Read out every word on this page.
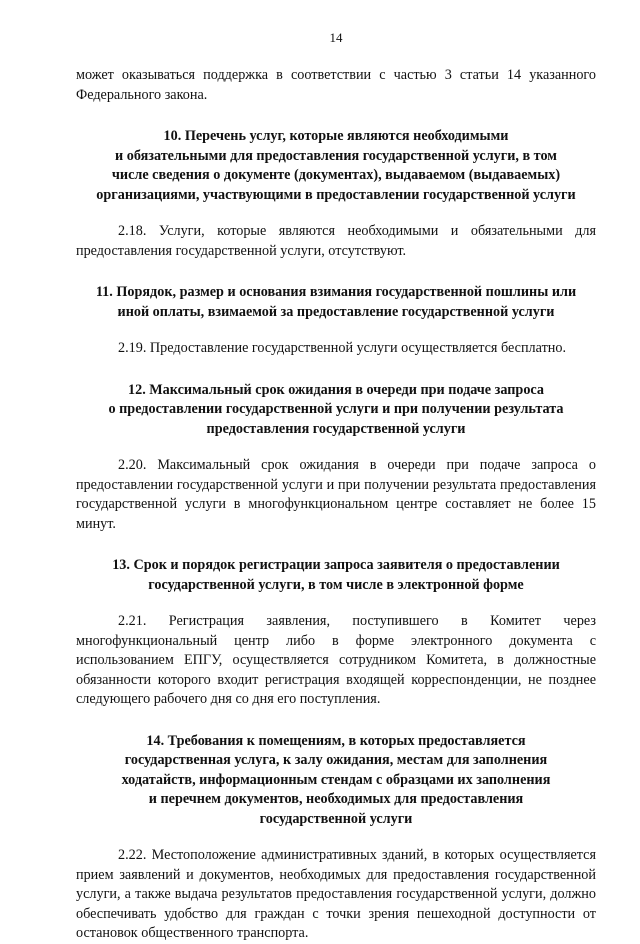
14

может оказываться поддержка в соответствии с частью 3 статьи 14 указанного Федерального закона.

10. Перечень услуг, которые являются необходимыми
и обязательными для предоставления государственной услуги, в том
числе сведения о документе (документах), выдаваемом (выдаваемых)
организациями, участвующими в предоставлении государственной услуги

2.18. Услуги, которые являются необходимыми и обязательными для предоставления государственной услуги, отсутствуют.

11. Порядок, размер и основания взимания государственной пошлины или
иной оплаты, взимаемой за предоставление государственной услуги

2.19. Предоставление государственной услуги осуществляется бесплатно.

12. Максимальный срок ожидания в очереди при подаче запроса
о предоставлении государственной услуги и при получении результата
предоставления государственной услуги

2.20. Максимальный срок ожидания в очереди при подаче запроса о предоставлении государственной услуги и при получении результата предоставления государственной услуги в многофункциональном центре составляет не более 15 минут.

13. Срок и порядок регистрации запроса заявителя о предоставлении
государственной услуги, в том числе в электронной форме

2.21. Регистрация заявления, поступившего в Комитет через многофункциональный центр либо в форме электронного документа с использованием ЕПГУ, осуществляется сотрудником Комитета, в должностные обязанности которого входит регистрация входящей корреспонденции, не позднее следующего рабочего дня со дня его поступления.

14. Требования к помещениям, в которых предоставляется
государственная услуга, к залу ожидания, местам для заполнения
ходатайств, информационным стендам с образцами их заполнения
и перечнем документов, необходимых для предоставления
государственной услуги

2.22. Местоположение административных зданий, в которых осуществляется прием заявлений и документов, необходимых для предоставления государственной услуги, а также выдача результатов предоставления государственной услуги, должно обеспечивать удобство для граждан с точки зрения пешеходной доступности от остановок общественного транспорта.
